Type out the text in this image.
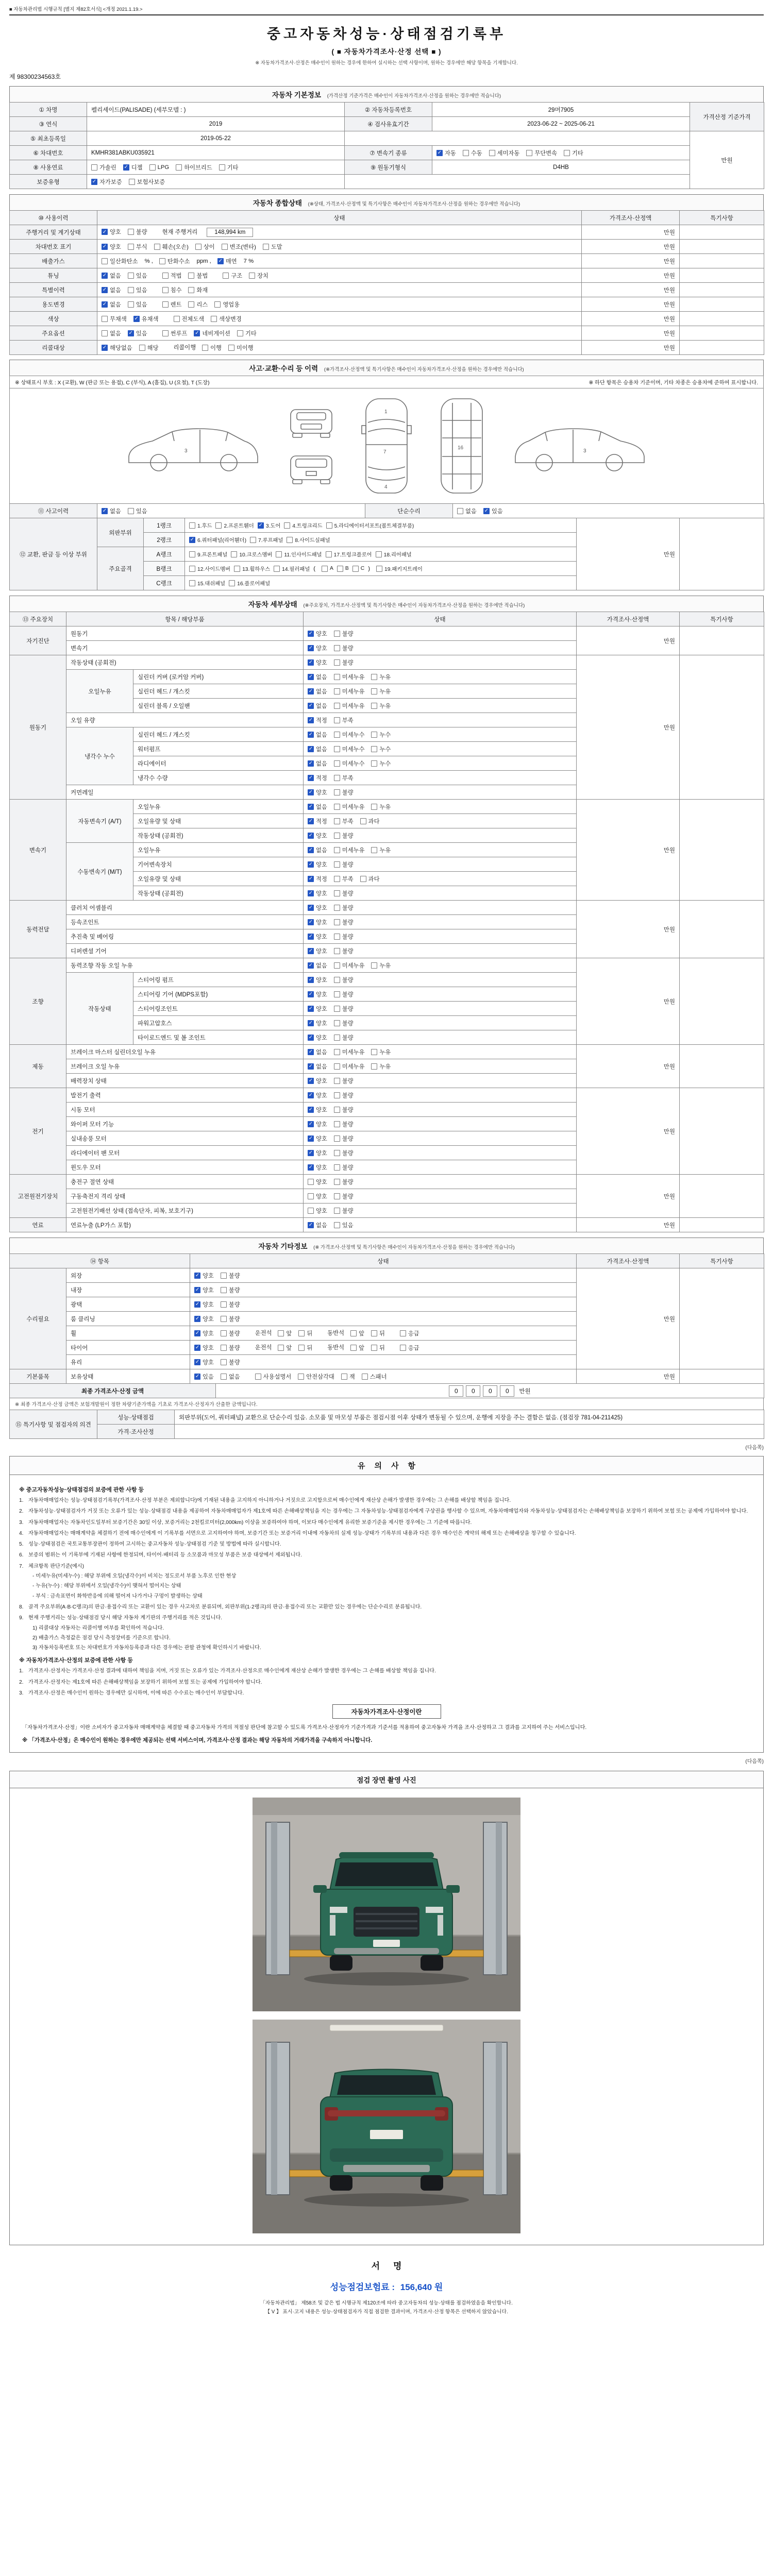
■ 자동차관리법 시행규칙 [별지 제82호서식] <개정 2021.1.19.>
중고자동차성능·상태점검기록부
( ■ 자동차가격조사·산정 선택 ■ )
※ 자동차가격조사·산정은 매수인이 원하는 경우에 한하여 실시하는 선택 사항이며, 원하는 경우에만 해당 항목을 기재합니다.
제 98300234563호
자동차 기본정보 (가격산정 기준가격은 매수인이 자동차가격조사·산정을 원하는 경우에만 적습니다)
① 차명	펠리세이드(PALISADE) (세부모델 : )	② 자동차등록번호	29머7905	가격산정 기준가격
③ 연식	2019	④ 검사유효기간	2023-06-22 ~ 2025-06-21	
⑤ 최초등록일	2019-05-22			만원
⑥ 차대번호	KMHR381ABKU035921	⑦ 변속기 종류	✓ 자동	수동	세미자동	무단변속	기타

⑧ 사용연료	가솔린 ✓ 디젤	LPG	하이브리드	기타	⑨ 원동기형식	D4HB
보증유형	✓ 자가보증 보험사보증			

자동차 종합상태 (※상태, 가격조사·산정액 및 특기사항은 매수인이 자동차가격조사·산정을 원하는 경우에만 적습니다)
⑩ 사용이력	상태	가격조사·산정액	특기사항
주행거리 및 계기상태	✓ 양호 불량 현재 주행거리 148,994 km	만원	
차대번호 표기	✓ 양호	부식	훼손(오손)	상이	변조(변타)	도말	만원	
배출가스	일산화탄소 % , 탄화수소 ppm , ✓ 매연 7 %	만원	
튜닝	✓ 없음	있음	적법	불법	구조	장치	만원	
특별이력	✓ 없음 있음 침수 화재	만원	
용도변경	✓ 없음	있음	렌트	리스	영업용	만원	
색상	무채색 ✓ 유채색 전체도색 색상변경	만원	
주요옵션	없음 ✓ 있음	썬루프 ✓ 네비게이션	기타	만원	
리콜대상	✓ 해당없음	해당	리콜이행 이행	미이행	만원	
사고·교환·수리 등 이력 (※가격조사·산정액 및 특기사항은 매수인이 자동차가격조사·산정을 원하는 경우에만 적습니다)
※ 상태표시 부호 : X (교환), W (판금 또는 용접), C (부식), A (흠집), U (요철), T (도장)	※ 하단 항목은 승용차 기준이며, 기타 차종은 승용차에 준하여 표시합니다.
3
1
7
4
16	3
⑪ 사고이력	✓ 없음	있음	단순수리	없음 ✓ 있음
⑫ 교환, 판금 등 이상 부위	외판부위	1랭크	1.후드 2.프론트휀더 ✓ 3.도어 4.트렁크리드 5.라디에이터서포트(볼트체결부품)
	만원	
		2랭크	✓ 6.쿼터패널(리어휀더) 7.루프패널 8.사이드실패널		

	주요골격	A랭크	9.프론트패널 10.크로스멤버 11.인사이드패널 17.트렁크플로어 18.리어패널		

B랭크	12.사이드멤버 13.휠하우스 14.필러패널 (	A B C )	19.패키지트레이

		C랭크	15.대쉬패널 16.플로어패널		
자동차 세부상태 (※주요장치, 가격조사·산정액 및 특기사항은 매수인이 자동차가격조사·산정을 원하는 경우에만 적습니다)
⑬ 주요장치	항목 / 해당부품		상태	가격조사·산정액	특기사항
자기진단	원동기		✓ 양호 불량	만원	
	변속기		✓ 양호 불량		

원동기	작동상태 (공회전)		✓ 양호 불량	만원	
	오일누유	실린더 커버 (로커암 커버)	✓ 없음 미세누유 누유		

		실린더 헤드 / 개스킷	✓ 없음 미세누유 누유		

		실린더 블록 / 오일팬	✓ 없음 미세누유 누유		

	오일 유량		✓ 적정 부족		

	냉각수 누수	실린더 헤드 / 개스킷	✓ 없음 미세누수 누수		

		워터펌프	✓ 없음 미세누수 누수		

		라디에이터	✓ 없음 미세누수 누수		

		냉각수 수량	✓ 적정 부족		

	커먼레일		✓ 양호 불량		

변속기	자동변속기 (A/T)	오일누유	✓ 없음 미세누유 누유	만원	
		오일유량 및 상태	✓ 적정 부족 과다		

		작동상태 (공회전)	✓ 양호 불량		

	수동변속기 (M/T)	오일누유	✓ 없음 미세누유 누유		

		기어변속장치	✓ 양호 불량		

		오일유량 및 상태	✓ 적정 부족 과다		

		작동상태 (공회전)	✓ 양호 불량		

동력전달	클러치 어셈블리		✓ 양호 불량	만원	
	등속조인트		✓ 양호 불량		

	추진축 및 베어링		✓ 양호 불량		

	디퍼렌셜 기어		✓ 양호 불량		

조향	동력조향 작동 오일 누유		✓ 없음 미세누유 누유	만원	
	작동상태	스티어링 펌프	✓ 양호 불량		

		스티어링 기어 (MDPS포함)	✓ 양호 불량		

		스티어링조인트	✓ 양호 불량		

		파워고압호스	✓ 양호 불량		

		타이로드엔드 및 볼 조인트	✓ 양호 불량		

제동	브레이크 마스터 실린더오일 누유		✓ 없음 미세누유 누유	만원	
	브레이크 오일 누유		✓ 없음 미세누유 누유		

	배력장치 상태		✓ 양호 불량		

전기	발전기 출력		✓ 양호 불량	만원	
	시동 모터		✓ 양호 불량		

	와이퍼 모터 기능		✓ 양호 불량		

	실내송풍 모터		✓ 양호 불량		

	라디에이터 팬 모터		✓ 양호 불량		

	윈도우 모터		✓ 양호 불량		

고전원전기장치	충전구 절연 상태		양호 불량	만원	
	구동축전지 격리 상태		양호 불량		

	고전원전기배선 상태 (접속단자, 피복, 보호기구)		양호 불량		

연료	연료누출 (LP가스 포함)		✓ 없음 있음	만원	
자동차 기타정보 (※ 가격조사·산정액 및 특기사항은 매수인이 자동차가격조사·산정을 원하는 경우에만 적습니다)
⑭ 항목		상태	가격조사·산정액	특기사항
수리필요	외장	✓ 양호 불량	만원	
	내장	✓ 양호 불량		

	광택	✓ 양호 불량		

	룸 클리닝	✓ 양호 불량		

휠	✓ 양호	불량	운전석 앞	뒤	동반석 앞	뒤	응급

타이어	✓ 양호	불량	운전석 앞	뒤	동반석 앞	뒤	응급

	유리	✓ 양호 불량		

기본품목	보유상태	✓ 있음	없음	사용설명서	안전삼각대	잭	스패너	만원	
최종 가격조사·산정 금액	0 0 0 0 만원
※ 최종 가격조사·산정 금액은 보험개발원이 정한 차량기준가액을 기초로 가격조사·산정자가 산출한 금액입니다.
⑮ 특기사항 및 점검자의 의견	성능·상태점검	외판부위(도어, 쿼터패널) 교환으로 단순수리 있음. 소모품 및 마모성 부품은 점검시점 이후 상태가 변동될 수 있으며, 운행에 지장을 주는 결함은 없음. (점검장 781-04-211425)
	가격·조사산정	
(다음쪽)
유의사항
※ 중고자동차성능·상태점검의 보증에 관한 사항 등
1. 자동차매매업자는 성능·상태점검기록부(가격조사·산정 부분은 제외합니다)에 기재된 내용을 고지하지 아니하거나 거짓으로 고지함으로써 매수인에게 재산상 손해가 발생한 경우에는 그 손해를 배상할 책임을 집니다.
2. 자동차성능·상태점검자가 거짓 또는 오류가 있는 성능·상태점검 내용을 제공하여 자동차매매업자가 제1호에 따른 손해배상책임을 지는 경우에는 그 자동차성능·상태점검자에게 구상권을 행사할 수 있으며, 자동차매매업자와 자동차성능·상태점검자는 손해배상책임을 보장하기 위하여 보험 또는 공제에 가입하여야 합니다.
3. 자동차매매업자는 자동차인도일부터 보증기간은 30일 이상, 보증거리는 2천킬로미터(2,000km) 이상을 보증하여야 하며, 이보다 매수인에게 유리한 보증기준을 제시한 경우에는 그 기준에 따릅니다.
4. 자동차매매업자는 매매계약을 체결하기 전에 매수인에게 이 기록부를 서면으로 고지하여야 하며, 보증기간 또는 보증거리 이내에 자동차의 실제 성능·상태가 기록부의 내용과 다른 경우 매수인은 계약의 해제 또는 손해배상을 청구할 수 있습니다.
5. 성능·상태점검은 국토교통부장관이 정하여 고시하는 중고자동차 성능·상태점검 기준 및 방법에 따라 실시합니다.
6. 보증의 범위는 이 기록부에 기재된 사항에 한정되며, 타이어·배터리 등 소모품과 마모성 부품은 보증 대상에서 제외됩니다.
7. 체크항목 판단기준(예시)
- 미세누유(미세누수) : 해당 부위에 오일(냉각수)이 비치는 정도로서 부품 노후로 인한 현상
- 누유(누수) : 해당 부위에서 오일(냉각수)이 맺혀서 떨어지는 상태
- 부식 : 금속표면이 화학반응에 의해 떨어져 나가거나 구멍이 발생하는 상태
8. 골격 주요부위(A·B·C랭크)의 판금·용접수리 또는 교환이 있는 경우 사고차로 분류되며, 외판부위(1·2랭크)의 판금·용접수리 또는 교환만 있는 경우에는 단순수리로 분류됩니다.
9. 현재 주행거리는 성능·상태점검 당시 해당 자동차 계기판의 주행거리를 적은 것입니다.
1) 리콜대상 자동차는 리콜이행 여부를 확인하여 적습니다.
2) 배출가스 측정값은 점검 당시 측정장비를 기준으로 합니다.
3) 자동차등록번호 또는 차대번호가 자동차등록증과 다른 경우에는 관할 관청에 확인하시기 바랍니다.
※ 자동차가격조사·산정의 보증에 관한 사항 등
1. 가격조사·산정자는 가격조사·산정 결과에 대하여 책임을 지며, 거짓 또는 오류가 있는 가격조사·산정으로 매수인에게 재산상 손해가 발생한 경우에는 그 손해를 배상할 책임을 집니다.
2. 가격조사·산정자는 제1호에 따른 손해배상책임을 보장하기 위하여 보험 또는 공제에 가입하여야 합니다.
3. 가격조사·산정은 매수인이 원하는 경우에만 실시하며, 이에 따른 수수료는 매수인이 부담합니다.
자동차가격조사·산정이란
「자동차가격조사·산정」이란 소비자가 중고자동차 매매계약을 체결할 때 중고자동차 가격의 적절성 판단에 참고할 수 있도록 가격조사·산정자가 기준가격과 기준서를 적용하여 중고자동차 가격을 조사·산정하고 그 결과를 고지하여 주는 서비스입니다.
※ 「가격조사·산정」은 매수인이 원하는 경우에만 제공되는 선택 서비스이며, 가격조사·산정 결과는 해당 자동차의 거래가격을 구속하지 아니합니다.
(다음쪽)
점검 장면 촬영 사진
서명
성능점검보험료 : 156,640 원
「자동차관리법」 제58조 및 같은 법 시행규칙 제120조에 따라 중고자동차의 성능·상태를 점검하였음을 확인합니다.
【 V 】 표시·고지 내용은 성능·상태점검자가 직접 점검한 결과이며, 가격조사·산정 항목은 선택하지 않았습니다.
